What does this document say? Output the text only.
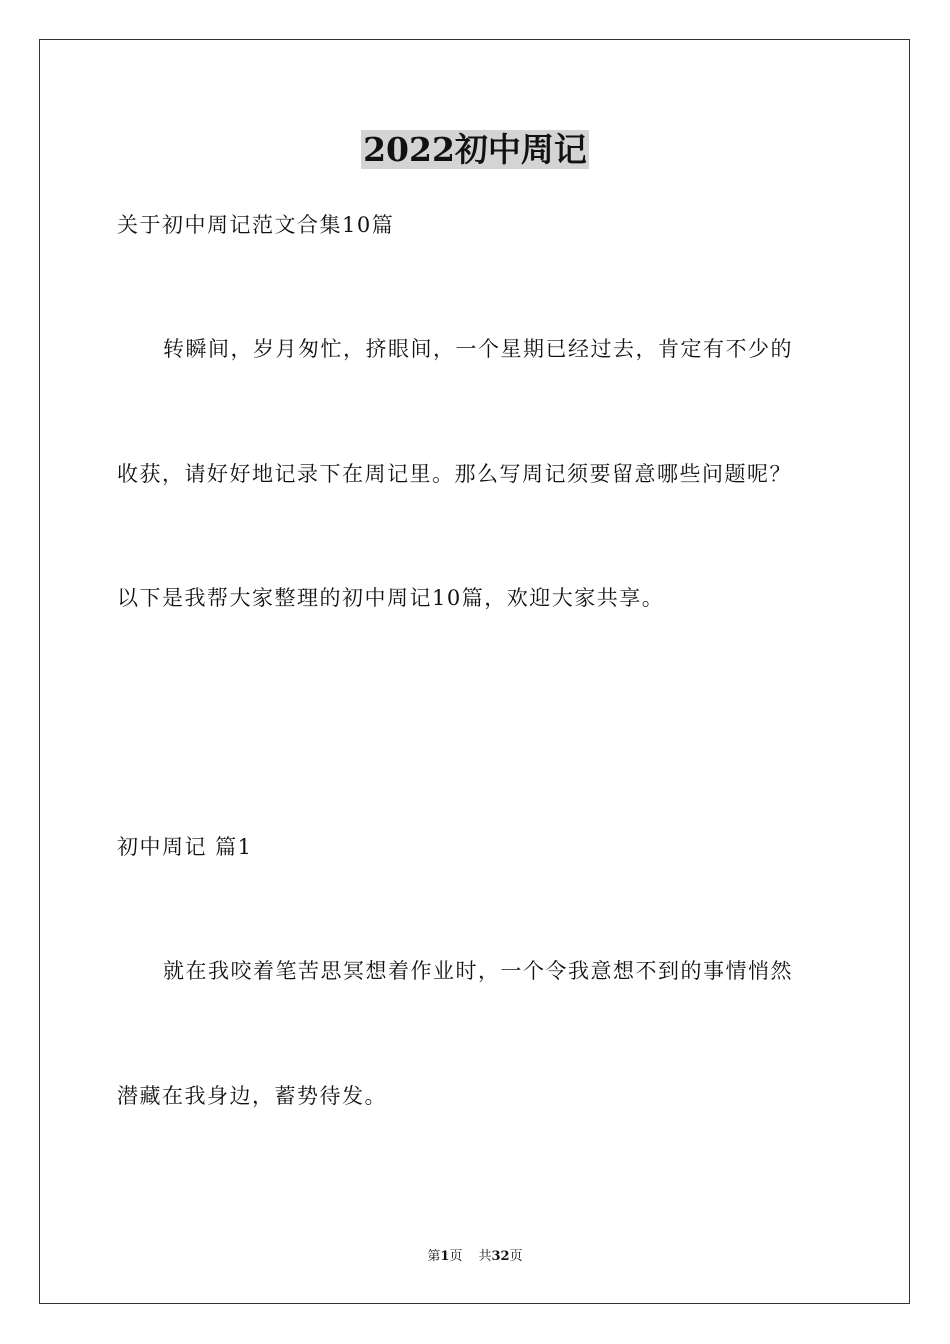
2022初中周记
关于初中周记范文合集10篇
转瞬间，岁月匆忙，挤眼间，一个星期已经过去，肯定有不少的
收获，请好好地记录下在周记里。那么写周记须要留意哪些问题呢？
以下是我帮大家整理的初中周记10篇，欢迎大家共享。
初中周记 篇1
就在我咬着笔苦思冥想着作业时，一个令我意想不到的事情悄然
潜藏在我身边，蓄势待发。
第1页 共32页
